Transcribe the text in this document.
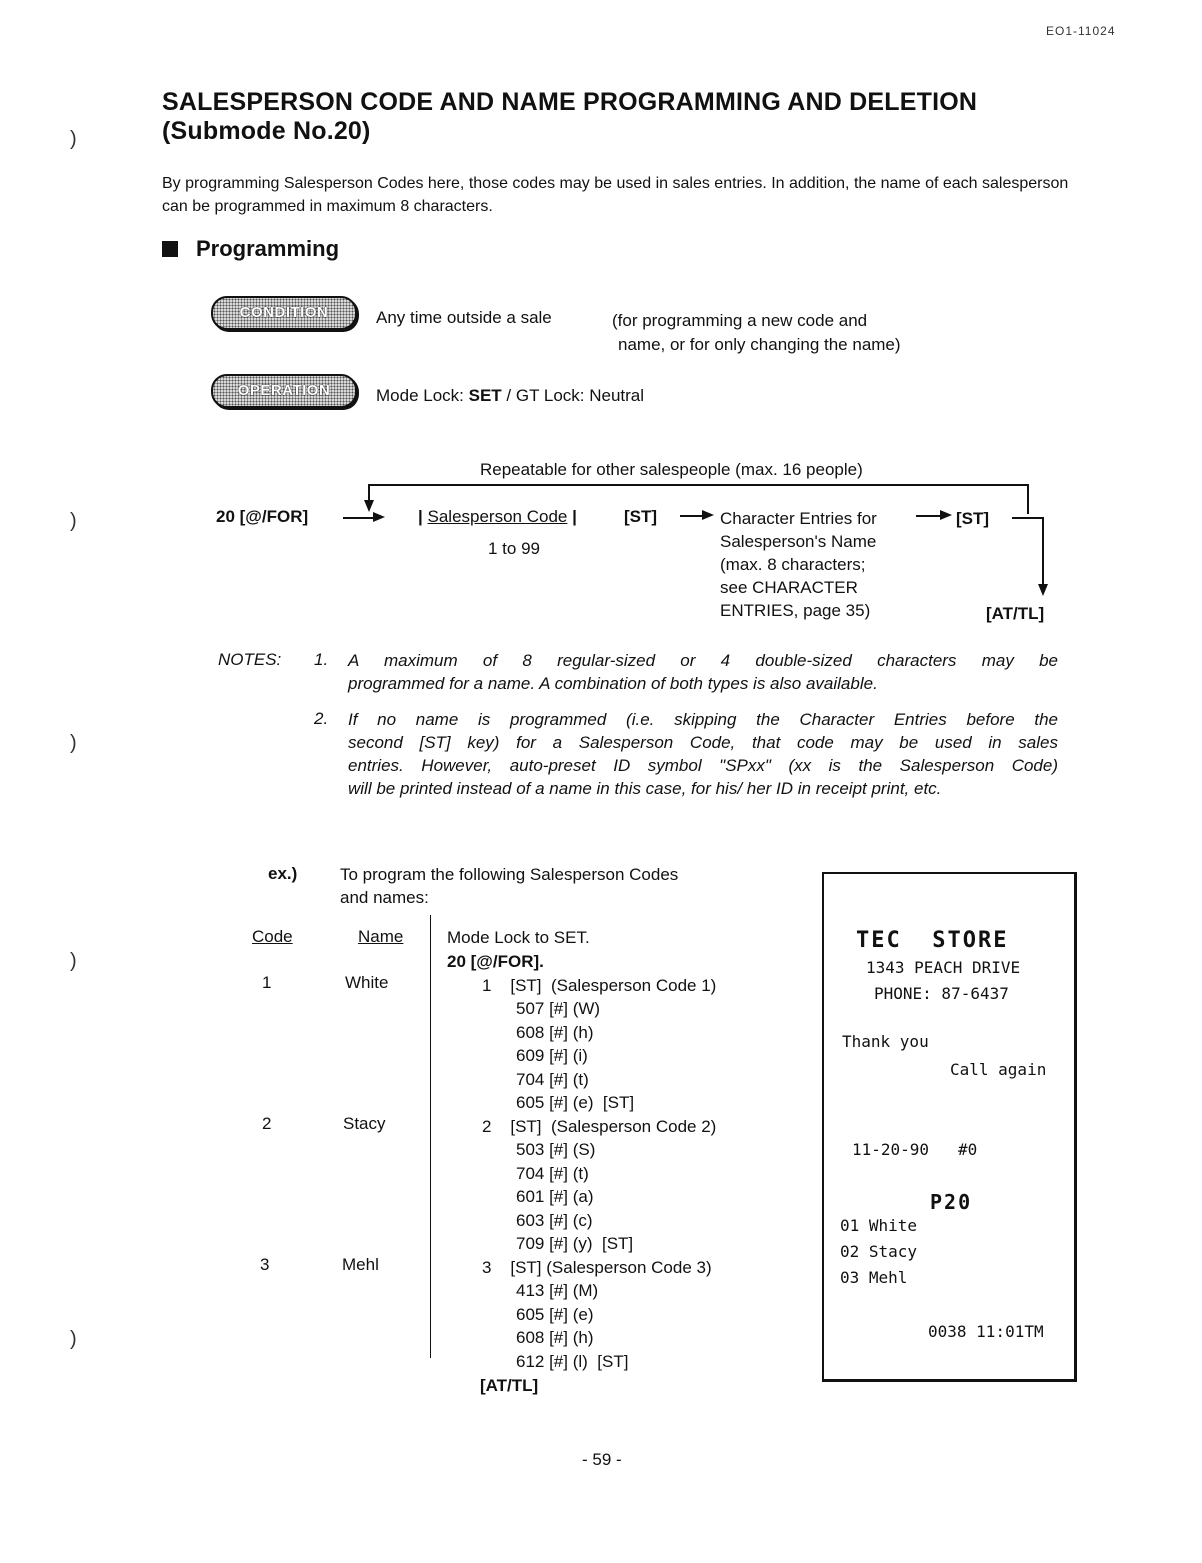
EO1-11024
)
)
)
)
)
SALESPERSON CODE AND NAME PROGRAMMING AND DELETION
(Submode No.20)
By programming Salesperson Codes here, those codes may be used in sales entries. In addition, the name of each salesperson can be programmed in maximum 8 characters.
Programming
CONDITION	Any time outside a sale	(for programming a new code and
name, or for only changing the name)
OPERATION	Mode Lock: SET / GT Lock: Neutral
Repeatable for other salespeople (max. 16 people)
20 [@/FOR]	| Salesperson Code |
1 to 99
[ST]	Character Entries for
Salesperson's Name
(max. 8 characters;
see CHARACTER
ENTRIES, page 35)
[ST]
[AT/TL]
NOTES: 1. A maximum of 8 regular-sized or 4 double-sized characters may be
programmed for a name. A combination of both types is also available.
2. If no name is programmed (i.e. skipping the Character Entries before the
second [ST] key) for a Salesperson Code, that code may be used in sales
entries. However, auto-preset ID symbol "SPxx" (xx is the Salesperson Code)
will be printed instead of a name in this case, for his/ her ID in receipt print, etc.
ex.)	To program the following Salesperson Codes
and names:
Code	Name
1	White
2	Stacy
3	Mehl
Mode Lock to SET.
20 [@/FOR].
1    [ST]  (Salesperson Code 1)
507 [#] (W)
608 [#] (h)
609 [#] (i)
704 [#] (t)
605 [#] (e)  [ST]
2    [ST]  (Salesperson Code 2)
503 [#] (S)
704 [#] (t)
601 [#] (a)
603 [#] (c)
709 [#] (y)  [ST]
3    [ST] (Salesperson Code 3)
413 [#] (M)
605 [#] (e)
608 [#] (h)
612 [#] (l)  [ST]
[AT/TL]
TEC  STORE
1343 PEACH DRIVE
PHONE: 87-6437
Thank you
Call again
11-20-90   #0
P20
01 White
02 Stacy
03 Mehl
0038 11:01TM
- 59 -
